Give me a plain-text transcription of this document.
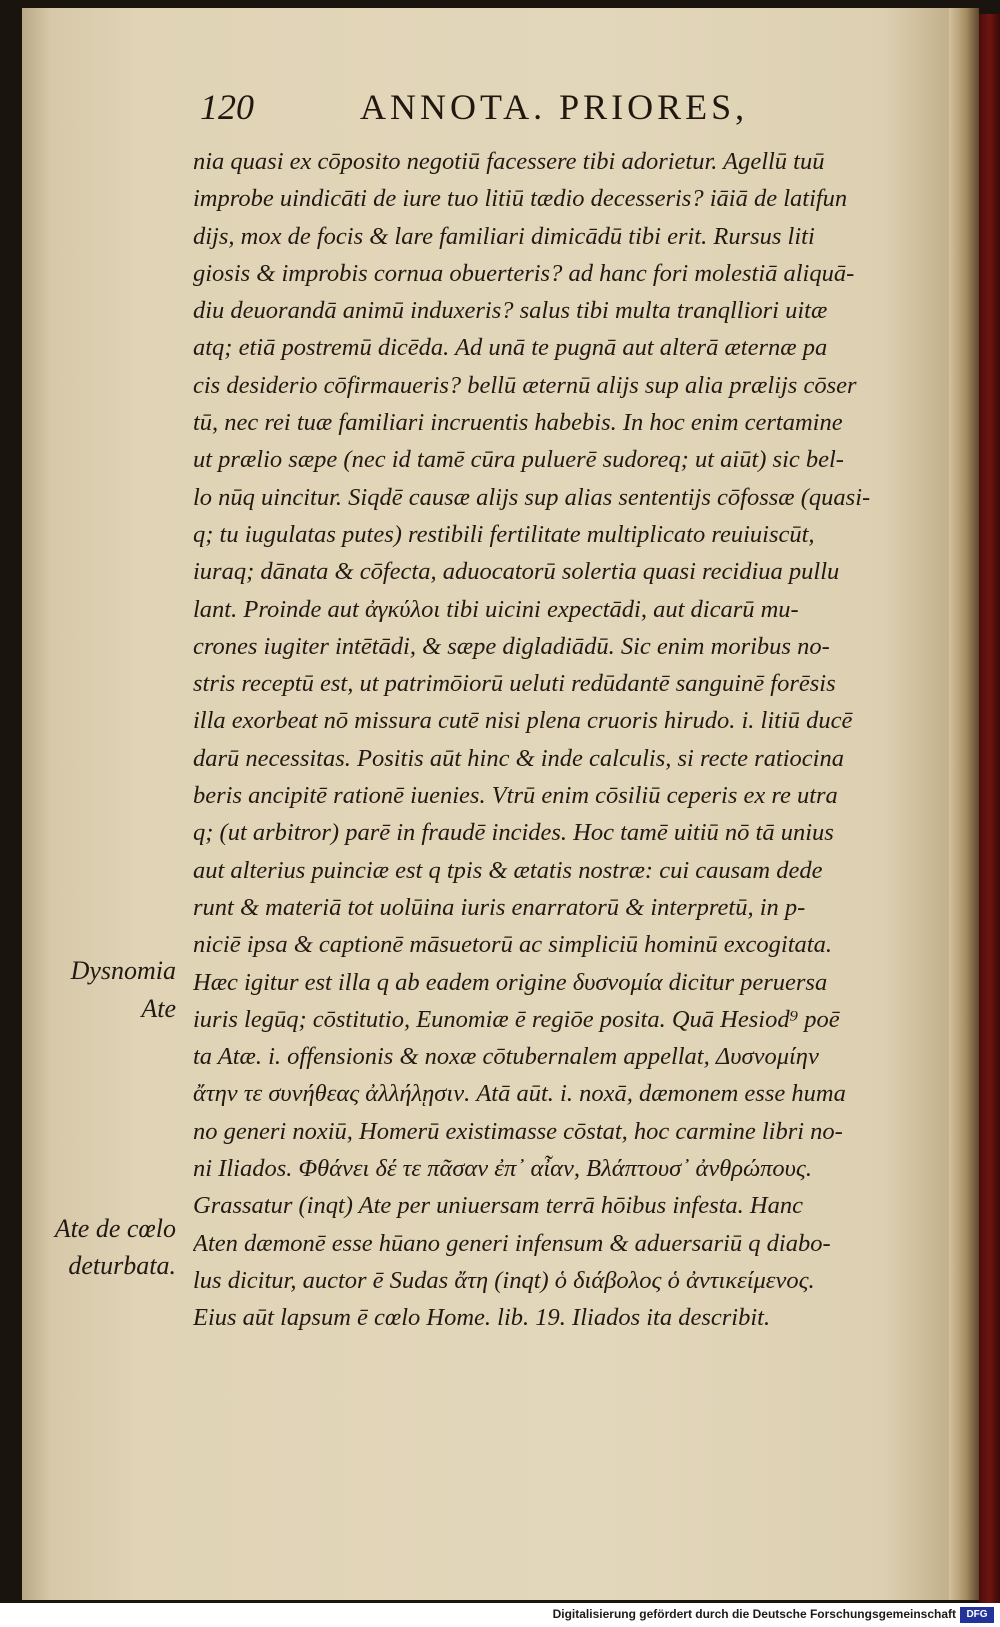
120	ANNOTA. PRIORES,
nia quasi ex cōposito negotiū facessere tibi adorietur. Agellū tuū
improbe uindicāti de iure tuo litiū tædio decesseris? iāiā de latifun
dijs, mox de focis & lare familiari dimicādū tibi erit. Rursus liti
giosis & improbis cornua obuerteris? ad hanc fori molestiā aliquā-
diu deuorandā animū induxeris? salus tibi multa tranqlliori uitæ
atq; etiā postremū dicēda. Ad unā te pugnā aut alterā æternæ pa
cis desiderio cōfirmaueris? bellū æternū alijs sup alia prælijs cōser
tū, nec rei tuæ familiari incruentis habebis. In hoc enim certamine
ut prælio sæpe (nec id tamē cūra puluerē sudoreq; ut aiūt) sic bel-
lo nūq uincitur. Siqdē causæ alijs sup alias sententijs cōfossæ (quasi-
q; tu iugulatas putes) restibili fertilitate multiplicato reuiuiscūt,
iuraq; dānata & cōfecta, aduocatorū solertia quasi recidiua pullu
lant. Proinde aut ἀγκύλοι tibi uicini expectādi, aut dicarū mu-
crones iugiter intētādi, & sæpe digladiādū. Sic enim moribus no-
stris receptū est, ut patrimōiorū ueluti redūdantē sanguinē forēsis
illa exorbeat nō missura cutē nisi plena cruoris hirudo. i. litiū ducē
darū necessitas. Positis aūt hinc & inde calculis, si recte ratiocina
beris ancipitē rationē iuenies. Vtrū enim cōsiliū ceperis ex re utra
q; (ut arbitror) parē in fraudē incides. Hoc tamē uitiū nō tā unius
aut alterius puinciæ est q tpis & ætatis nostræ: cui causam dede
runt & materiā tot uolūina iuris enarratorū & interpretū, in p-
niciē ipsa & captionē māsuetorū ac simpliciū hominū excogitata.
Hæc igitur est illa q ab eadem origine δυσνομία dicitur peruersa
iuris legūq; cōstitutio, Eunomiæ ē regiōe posita. Quā Hesiod⁹ poē
ta Atæ. i. offensionis & noxæ cōtubernalem appellat, Δυσνομίην
ἄτην τε συνήθεας ἀλλήλῃσιν. Atā aūt. i. noxā, dæmonem esse huma
no generi noxiū, Homerū existimasse cōstat, hoc carmine libri no-
ni Iliados. Φθάνει δέ τε πᾶσαν ἐπ᾽ αἶαν, Βλάπτουσ᾽ ἀνθρώπους.
Grassatur (inqt) Ate per uniuersam terrā hōibus infesta. Hanc
Aten dæmonē esse hūano generi infensum & aduersariū q diabo-
lus dicitur, auctor ē Sudas ἄτη (inqt) ὁ διάβολος ὁ ἀντικείμενος.
Eius aūt lapsum ē cœlo Home. lib. 19. Iliados ita describit.
Dysnomia
Ate
Ate de cœlo
deturbata.
Digitalisierung gefördert durch die Deutsche Forschungsgemeinschaft	DFG
